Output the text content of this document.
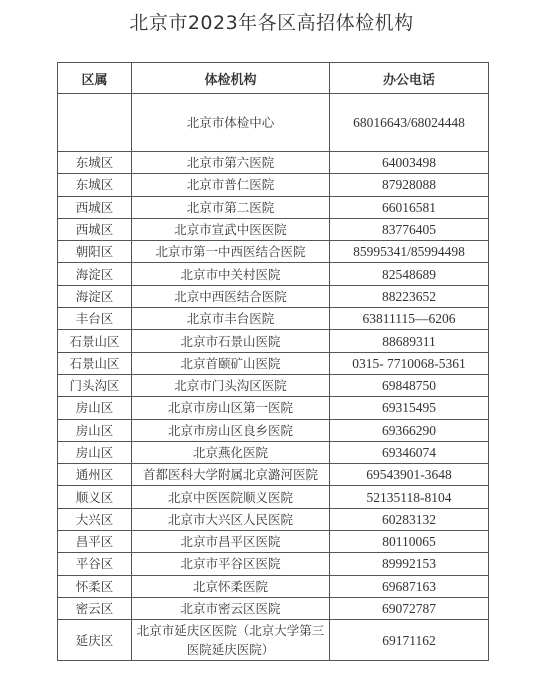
北京市2023年各区高招体检机构
区属	体检机构	办公电话
	北京市体检中心	68016643/68024448
东城区	北京市第六医院	64003498
东城区	北京市普仁医院	87928088
西城区	北京市第二医院	66016581
西城区	北京市宣武中医医院	83776405
朝阳区	北京市第一中西医结合医院	85995341/85994498
海淀区	北京市中关村医院	82548689
海淀区	北京中西医结合医院	88223652
丰台区	北京市丰台医院	63811115—6206
石景山区	北京市石景山医院	88689311
石景山区	北京首颐矿山医院	0315- 7710068-5361
门头沟区	北京市门头沟区医院	69848750
房山区	北京市房山区第一医院	69315495
房山区	北京市房山区良乡医院	69366290
房山区	北京燕化医院	69346074
通州区	首都医科大学附属北京潞河医院	69543901-3648
顺义区	北京中医医院顺义医院	52135118-8104
大兴区	北京市大兴区人民医院	60283132
昌平区	北京市昌平区医院	80110065
平谷区	北京市平谷区医院	89992153
怀柔区	北京怀柔医院	69687163
密云区	北京市密云区医院	69072787
延庆区	北京市延庆区医院（北京大学第三医院延庆医院）	69171162
